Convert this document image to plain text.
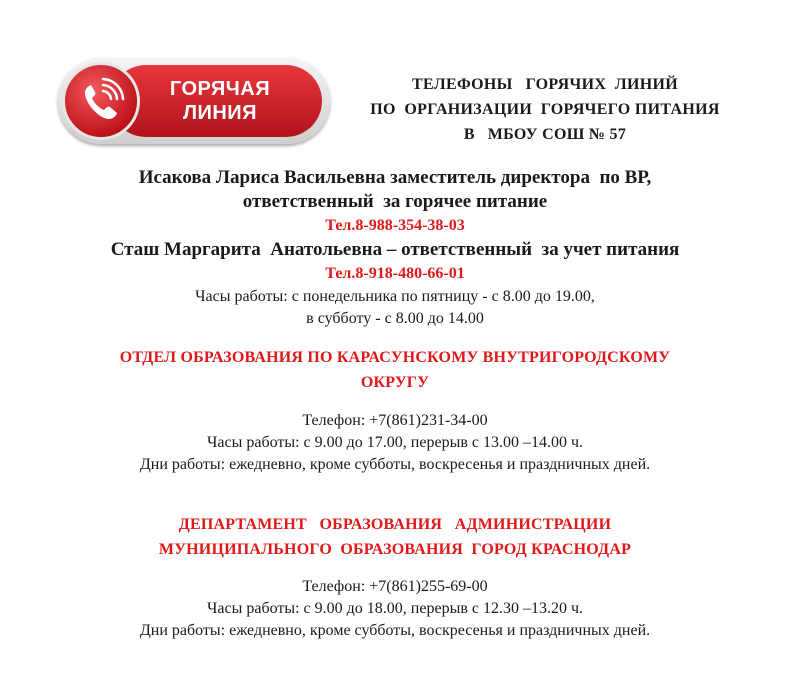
ГОРЯЧАЯ
ЛИНИЯ
ТЕЛЕФОНЫ   ГОРЯЧИХ  ЛИНИЙ
ПО  ОРГАНИЗАЦИИ  ГОРЯЧЕГО ПИТАНИЯ
В   МБОУ СОШ № 57
Исакова Лариса Васильевна заместитель директора  по ВР,
ответственный  за горячее питание
Тел.8-988-354-38-03
Сташ Маргарита  Анатольевна – ответственный  за учет питания
Тел.8-918-480-66-01
Часы работы: с понедельника по пятницу - с 8.00 до 19.00,
в субботу - с 8.00 до 14.00
ОТДЕЛ ОБРАЗОВАНИЯ ПО КАРАСУНСКОМУ ВНУТРИГОРОДСКОМУ
ОКРУГУ
Телефон: +7(861)231-34-00
Часы работы: с 9.00 до 17.00, перерыв с 13.00 –14.00 ч.
Дни работы: ежедневно, кроме субботы, воскресенья и праздничных дней.
ДЕПАРТАМЕНТ   ОБРАЗОВАНИЯ   АДМИНИСТРАЦИИ
МУНИЦИПАЛЬНОГО  ОБРАЗОВАНИЯ  ГОРОД КРАСНОДАР
Телефон: +7(861)255-69-00
Часы работы: с 9.00 до 18.00, перерыв с 12.30 –13.20 ч.
Дни работы: ежедневно, кроме субботы, воскресенья и праздничных дней.
